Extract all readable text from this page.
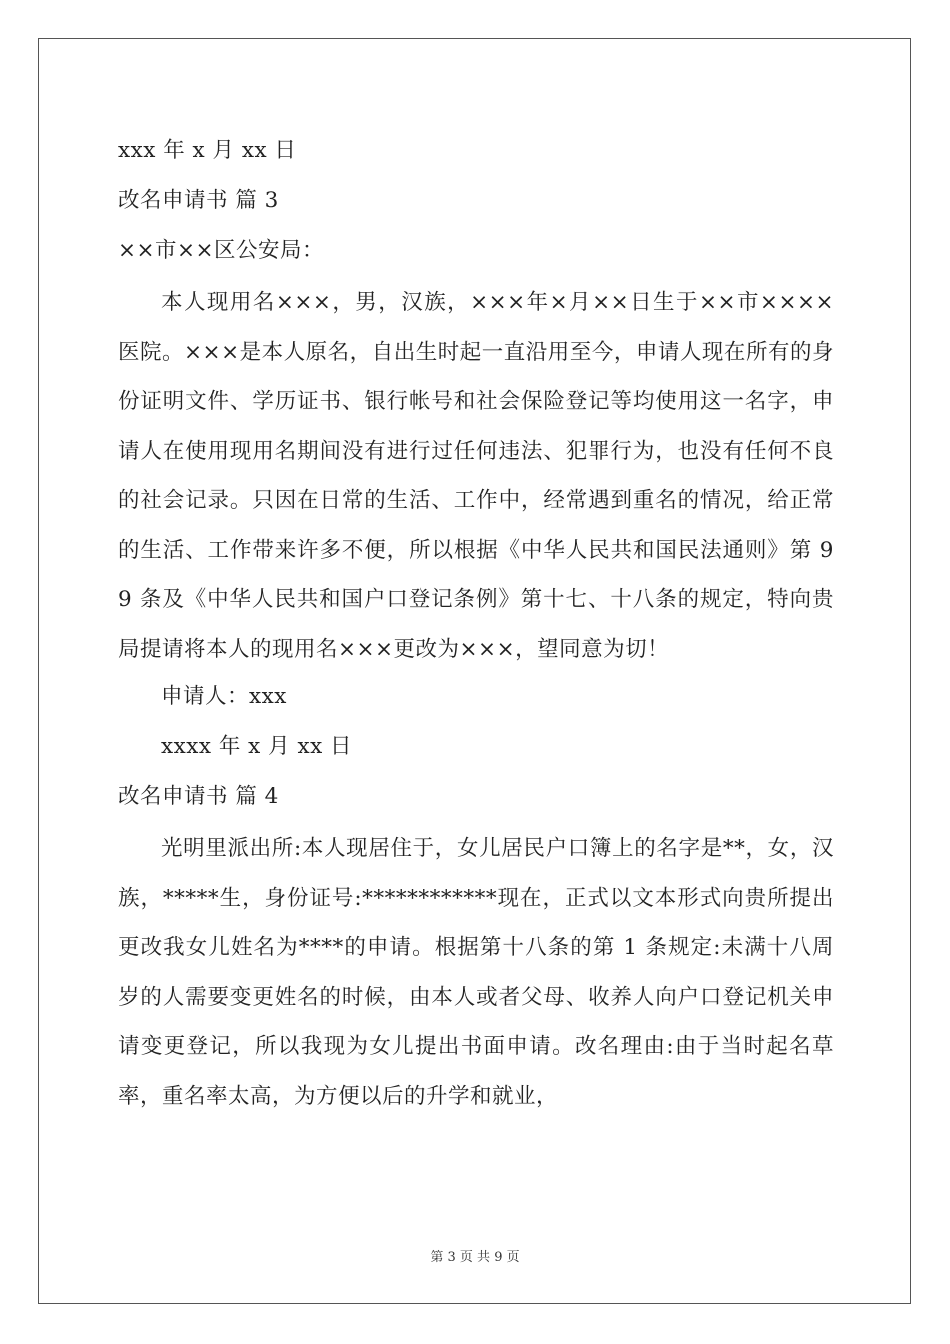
xxx 年 x 月 xx 日

改名申请书 篇 3

××市××区公安局：

本人现用名×××，男，汉族，×××年×月××日生于××市××××医院。×××是本人原名，自出生时起一直沿用至今，申请人现在所有的身份证明文件、学历证书、银行帐号和社会保险登记等均使用这一名字，申请人在使用现用名期间没有进行过任何违法、犯罪行为，也没有任何不良的社会记录。只因在日常的生活、工作中，经常遇到重名的情况，给正常的生活、工作带来许多不便，所以根据《中华人民共和国民法通则》第 99 条及《中华人民共和国户口登记条例》第十七、十八条的规定，特向贵局提请将本人的现用名×××更改为×××，望同意为切！

申请人：xxx

xxxx 年 x 月 xx 日

改名申请书 篇 4

光明里派出所:本人现居住于，女儿居民户口簿上的名字是**，女，汉族，*****生，身份证号:************现在，正式以文本形式向贵所提出更改我女儿姓名为****的申请。根据第十八条的第 1 条规定:未满十八周岁的人需要变更姓名的时候，由本人或者父母、收养人向户口登记机关申请变更登记，所以我现为女儿提出书面申请。改名理由:由于当时起名草率，重名率太高，为方便以后的升学和就业，

第 3 页 共 9 页
